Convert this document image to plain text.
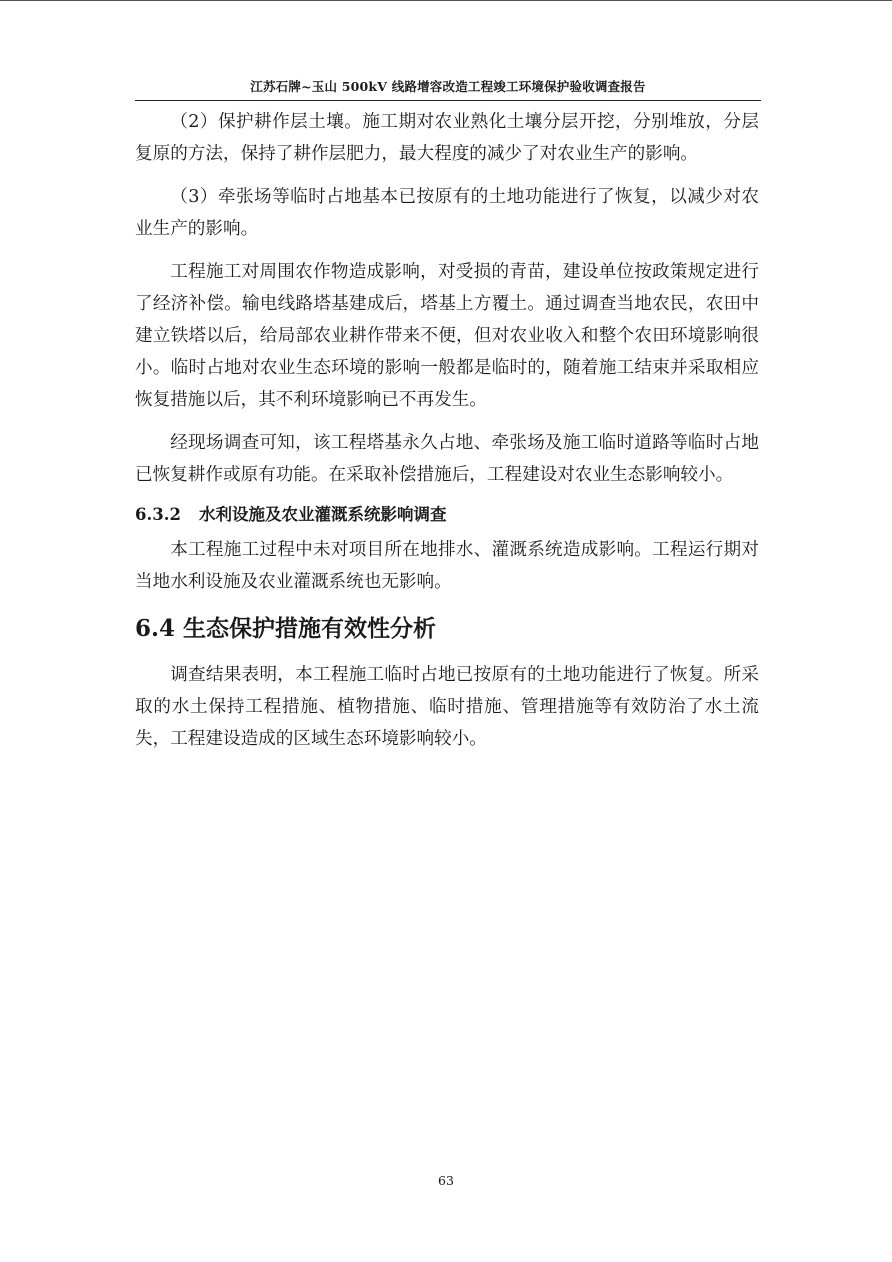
江苏石牌~玉山 500kV 线路增容改造工程竣工环境保护验收调查报告

（2）保护耕作层土壤。施工期对农业熟化土壤分层开挖，分别堆放，分层复原的方法，保持了耕作层肥力，最大程度的减少了对农业生产的影响。

（3）牵张场等临时占地基本已按原有的土地功能进行了恢复，以减少对农业生产的影响。

工程施工对周围农作物造成影响，对受损的青苗，建设单位按政策规定进行了经济补偿。输电线路塔基建成后，塔基上方覆土。通过调查当地农民，农田中建立铁塔以后，给局部农业耕作带来不便，但对农业收入和整个农田环境影响很小。临时占地对农业生态环境的影响一般都是临时的，随着施工结束并采取相应恢复措施以后，其不利环境影响已不再发生。

经现场调查可知，该工程塔基永久占地、牵张场及施工临时道路等临时占地已恢复耕作或原有功能。在采取补偿措施后，工程建设对农业生态影响较小。

6.3.2	水利设施及农业灌溉系统影响调查

本工程施工过程中未对项目所在地排水、灌溉系统造成影响。工程运行期对当地水利设施及农业灌溉系统也无影响。

6.4 生态保护措施有效性分析

调查结果表明，本工程施工临时占地已按原有的土地功能进行了恢复。所采取的水土保持工程措施、植物措施、临时措施、管理措施等有效防治了水土流失，工程建设造成的区域生态环境影响较小。

63
